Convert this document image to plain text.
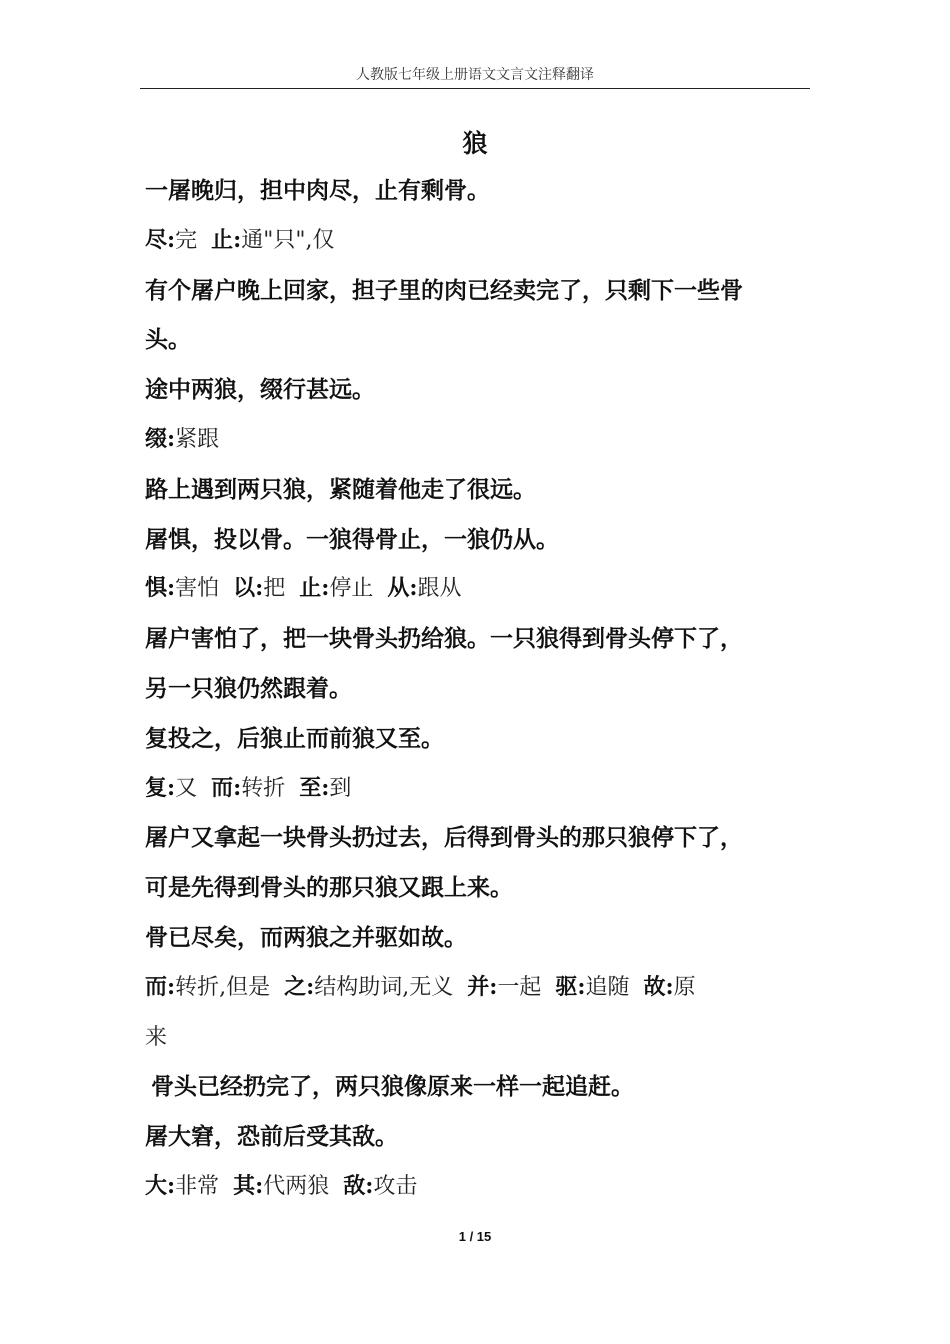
人教版七年级上册语文文言文注释翻译
狼
一屠晚归，担中肉尽，止有剩骨。
尽:完 止:通"只",仅
有个屠户晚上回家，担子里的肉已经卖完了，只剩下一些骨
头。
途中两狼，缀行甚远。
缀:紧跟
路上遇到两只狼，紧随着他走了很远。
屠惧，投以骨。一狼得骨止，一狼仍从。
惧:害怕 以:把 止:停止 从:跟从
屠户害怕了，把一块骨头扔给狼。一只狼得到骨头停下了，
另一只狼仍然跟着。
复投之，后狼止而前狼又至。
复:又 而:转折 至:到
屠户又拿起一块骨头扔过去，后得到骨头的那只狼停下了，
可是先得到骨头的那只狼又跟上来。
骨已尽矣，而两狼之并驱如故。
而:转折,但是 之:结构助词,无义 并:一起 驱:追随 故:原
来
骨头已经扔完了，两只狼像原来一样一起追赶。
屠大窘，恐前后受其敌。
大:非常 其:代两狼 敌:攻击
1 / 15
